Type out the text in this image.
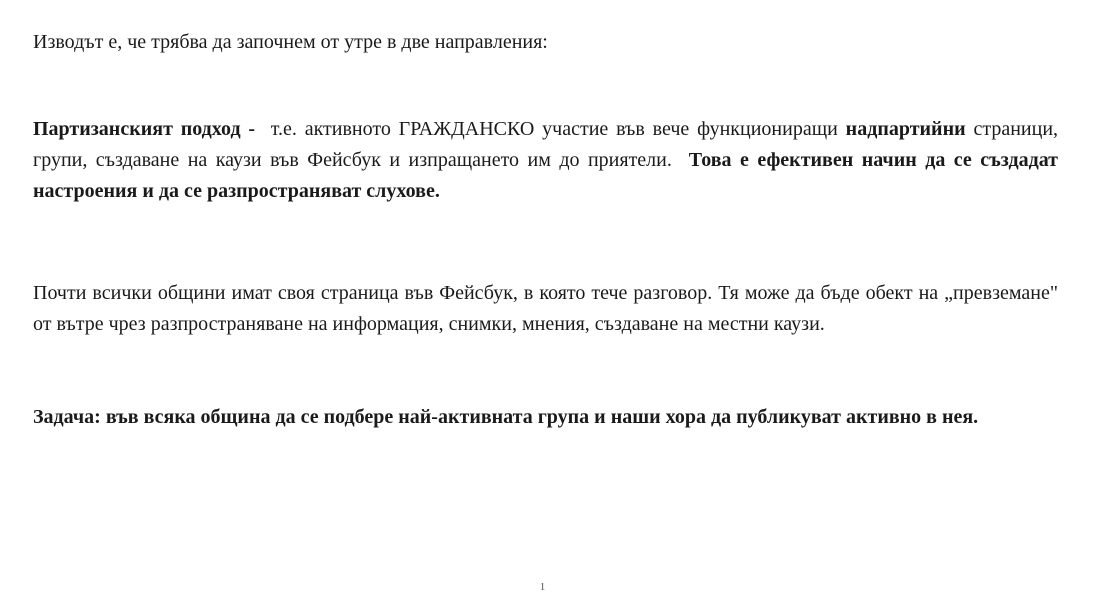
Изводът е, че трябва да започнем от утре в две направления:

Партизанският подход - т.е. активното ГРАЖДАНСКО участие във вече функциониращи надпартийни страници, групи, създаване на каузи във Фейсбук и изпращането им до приятели. Това е ефективен начин да се създадат настроения и да се разпространяват слухове.

Почти всички общини имат своя страница във Фейсбук, в която тече разговор. Тя може да бъде обект на „превземане" от вътре чрез разпространяване на информация, снимки, мнения, създаване на местни каузи.

Задача: във всяка община да се подбере най-активната група и наши хора да публикуват активно в нея.

1
